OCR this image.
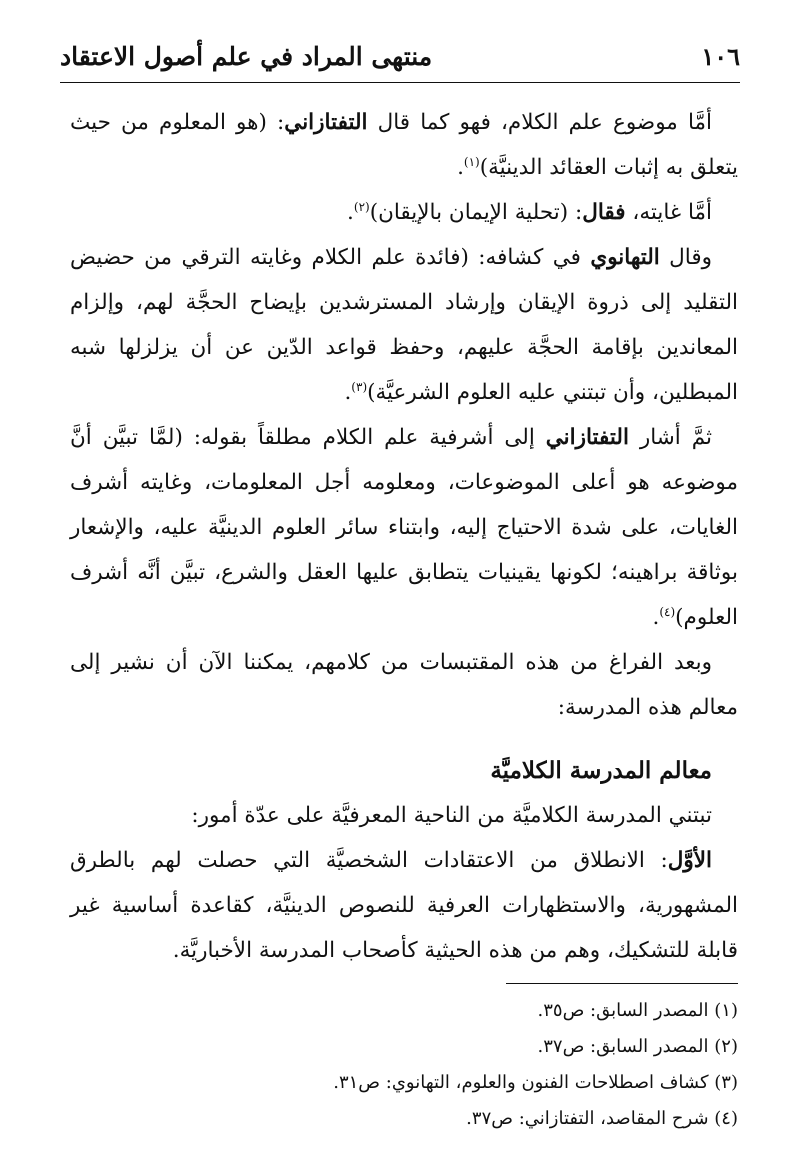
١٠٦
منتهى المراد في علم أصول الاعتقاد

أمَّا موضوع علم الكلام، فهو كما قال التفتازاني: (هو المعلوم من حيث يتعلق به إثبات العقائد الدينيَّة)$^{(١)}$.

أمَّا غايته، فقال: (تحلية الإيمان بالإيقان)$^{(٢)}$.

وقال التهانوي في كشافه: (فائدة علم الكلام وغايته الترقي من حضيض التقليد إلى ذروة الإيقان وإرشاد المسترشدين بإيضاح الحجَّة لهم، وإلزام المعاندين بإقامة الحجَّة عليهم، وحفظ قواعد الدّين عن أن يزلزلها شبه المبطلين، وأن تبتني عليه العلوم الشرعيَّة)$^{(٣)}$.

ثمَّ أشار التفتازاني إلى أشرفية علم الكلام مطلقاً بقوله: (لمَّا تبيَّن أنَّ موضوعه هو أعلى الموضوعات، ومعلومه أجل المعلومات، وغايته أشرف الغايات، على شدة الاحتياج إليه، وابتناء سائر العلوم الدينيَّة عليه، والإشعار بوثاقة براهينه؛ لكونها يقينيات يتطابق عليها العقل والشرع، تبيَّن أنَّه أشرف العلوم)$^{(٤)}$.

وبعد الفراغ من هذه المقتبسات من كلامهم، يمكننا الآن أن نشير إلى معالم هذه المدرسة:

معالم المدرسة الكلاميَّة

تبتني المدرسة الكلاميَّة من الناحية المعرفيَّة على عدّة أمور:

الأوَّل: الانطلاق من الاعتقادات الشخصيَّة التي حصلت لهم بالطرق المشهورية، والاستظهارات العرفية للنصوص الدينيَّة، كقاعدة أساسية غير قابلة للتشكيك، وهم من هذه الحيثية كأصحاب المدرسة الأخباريَّة.

(١) المصدر السابق: ص٣٥.
(٢) المصدر السابق: ص٣٧.
(٣) كشاف اصطلاحات الفنون والعلوم، التهانوي: ص٣١.
(٤) شرح المقاصد، التفتازاني: ص٣٧.
